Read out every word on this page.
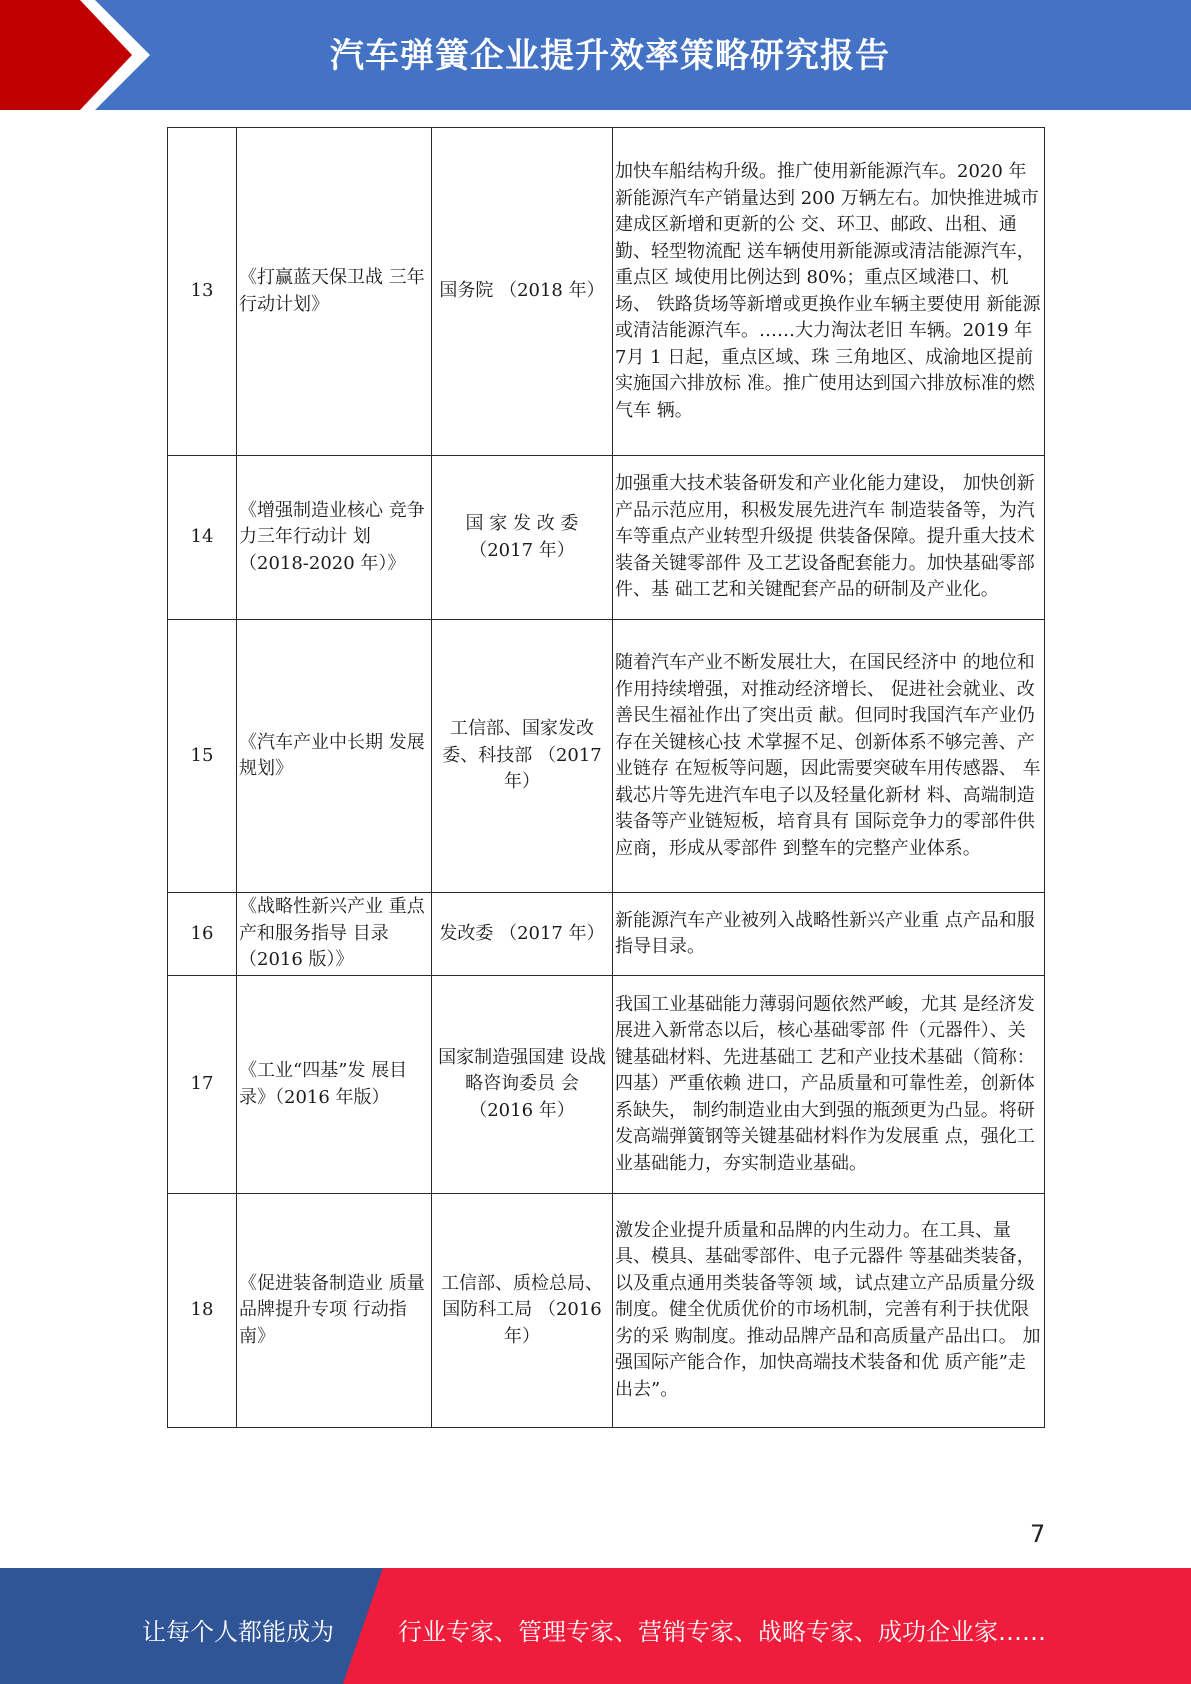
汽车弹簧企业提升效率策略研究报告
13	《打赢蓝天保卫战 三年行动计划》	国务院 （2018 年）	加快车船结构升级。推广使用新能源汽车。2020 年新能源汽车产销量达到 200 万辆左右。加快推进城市建成区新增和更新的公 交、环卫、邮政、出租、通勤、轻型物流配 送车辆使用新能源或清洁能源汽车，重点区 域使用比例达到 80%；重点区域港口、机场、 铁路货场等新增或更换作业车辆主要使用 新能源或清洁能源汽车。……大力淘汰老旧 车辆。2019 年 7月 1 日起，重点区域、珠 三角地区、成渝地区提前实施国六排放标 准。推广使用达到国六排放标准的燃气车 辆。
14	《增强制造业核心 竞争力三年行动计 划（2018-2020 年）》	国 家 发 改 委 （2017 年）	加强重大技术装备研发和产业化能力建设， 加快创新产品示范应用，积极发展先进汽车 制造装备等，为汽车等重点产业转型升级提 供装备保障。提升重大技术装备关键零部件 及工艺设备配套能力。加快基础零部件、基 础工艺和关键配套产品的研制及产业化。
15	《汽车产业中长期 发展规划》	工信部、国家发改委、科技部 （2017 年）	随着汽车产业不断发展壮大，在国民经济中 的地位和作用持续增强，对推动经济增长、 促进社会就业、改善民生福祉作出了突出贡 献。但同时我国汽车产业仍存在关键核心技 术掌握不足、创新体系不够完善、产业链存 在短板等问题，因此需要突破车用传感器、 车载芯片等先进汽车电子以及轻量化新材 料、高端制造装备等产业链短板，培育具有 国际竞争力的零部件供应商，形成从零部件 到整车的完整产业体系。
16	《战略性新兴产业 重点产和服务指导 目录（2016 版）》	发改委 （2017 年）	新能源汽车产业被列入战略性新兴产业重 点产品和服指导目录。
17	《工业“四基”发 展目录》（2016 年版）	国家制造强国建 设战略咨询委员 会（2016 年）	我国工业基础能力薄弱问题依然严峻，尤其 是经济发展进入新常态以后，核心基础零部 件（元器件）、关键基础材料、先进基础工 艺和产业技术基础（简称：四基）严重依赖 进口，产品质量和可靠性差，创新体系缺失， 制约制造业由大到强的瓶颈更为凸显。将研 发高端弹簧钢等关键基础材料作为发展重 点，强化工业基础能力，夯实制造业基础。
18	《促进装备制造业 质量品牌提升专项 行动指南》	工信部、质检总局、国防科工局 （2016 年）	激发企业提升质量和品牌的内生动力。在工具、量具、模具、基础零部件、电子元器件 等基础类装备，以及重点通用类装备等领 域，试点建立产品质量分级制度。健全优质优价的市场机制，完善有利于扶优限劣的采 购制度。推动品牌产品和高质量产品出口。 加强国际产能合作，加快高端技术装备和优 质产能”走出去”。
7
让每个人都能成为	行业专家、管理专家、营销专家、战略专家、成功企业家……
